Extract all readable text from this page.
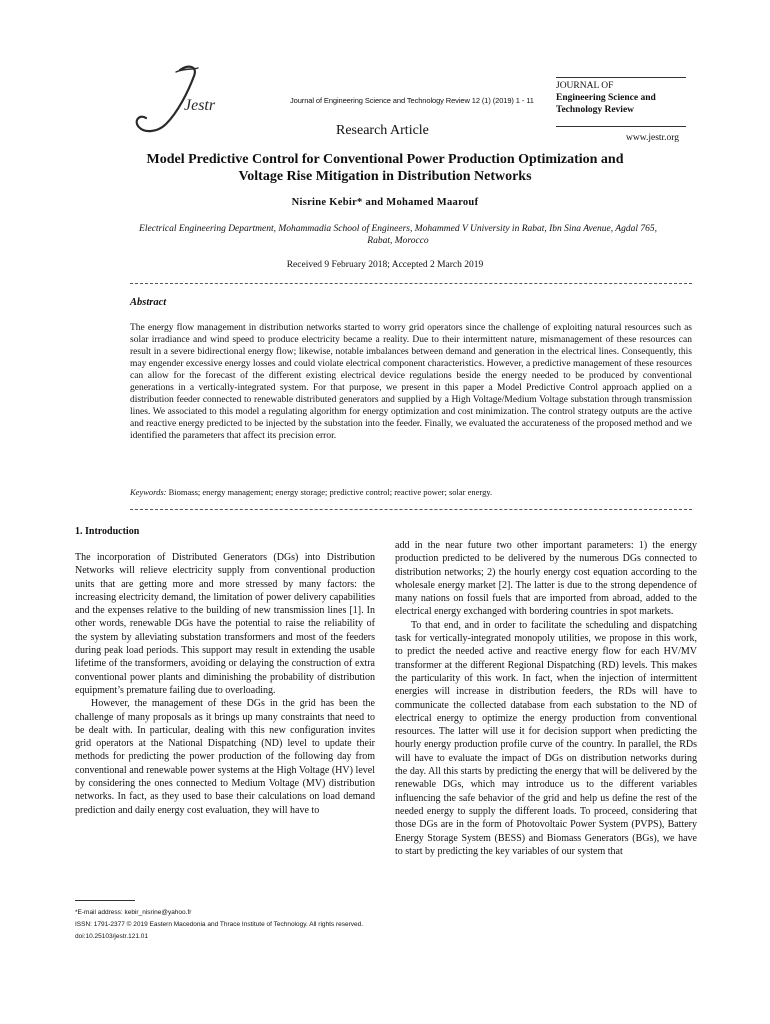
Jestr	Journal of Engineering Science and Technology Review 12 (1) (2019) 1 - 11
JOURNAL OF
Engineering Science and
Technology Review
Research Article	www.jestr.org
Model Predictive Control for Conventional Power Production Optimization and
Voltage Rise Mitigation in Distribution Networks
Nisrine Kebir* and Mohamed Maarouf
Electrical Engineering Department, Mohammadia School of Engineers, Mohammed V University in Rabat, Ibn Sina Avenue, Agdal 765,
Rabat, Morocco
Received 9 February 2018; Accepted 2 March 2019
Abstract
The energy flow management in distribution networks started to worry grid operators since the challenge of exploiting natural resources such as solar irradiance and wind speed to produce electricity became a reality. Due to their intermittent nature, mismanagement of these resources can result in a severe bidirectional energy flow; likewise, notable imbalances between demand and generation in the electrical lines. Consequently, this may engender excessive energy losses and could violate electrical component characteristics. However, a predictive management of these resources can allow for the forecast of the different existing electrical device regulations beside the energy needed to be produced by conventional generations in a vertically-integrated system. For that purpose, we present in this paper a Model Predictive Control approach applied on a distribution feeder connected to renewable distributed generators and supplied by a High Voltage/Medium Voltage substation through transmission lines. We associated to this model a regulating algorithm for energy optimization and cost minimization. The control strategy outputs are the active and reactive energy predicted to be injected by the substation into the feeder. Finally, we evaluated the accurateness of the proposed method and we identified the parameters that affect its precision error.
Keywords: Biomass; energy management; energy storage; predictive control; reactive power; solar energy.
1. Introduction

The incorporation of Distributed Generators (DGs) into Distribution Networks will relieve electricity supply from conventional production units that are getting more and more stressed by many factors: the increasing electricity demand, the limitation of power delivery capabilities and the expenses relative to the building of new transmission lines [1]. In other words, renewable DGs have the potential to raise the reliability of the system by alleviating substation transformers and most of the feeders during peak load periods. This support may result in extending the usable lifetime of the transformers, avoiding or delaying the construction of extra conventional power plants and diminishing the probability of distribution equipment’s premature failing due to overloading.

However, the management of these DGs in the grid has been the challenge of many proposals as it brings up many constraints that need to be dealt with. In particular, dealing with this new configuration invites grid operators at the National Dispatching (ND) level to update their methods for predicting the power production of the following day from conventional and renewable power systems at the High Voltage (HV) level by considering the ones connected to Medium Voltage (MV) distribution networks. In fact, as they used to base their calculations on load demand prediction and daily energy cost evaluation, they will have to

add in the near future two other important parameters: 1) the energy production predicted to be delivered by the numerous DGs connected to distribution networks; 2) the hourly energy cost equation according to the wholesale energy market [2]. The latter is due to the strong dependence of many nations on fossil fuels that are imported from abroad, added to the electrical energy exchanged with bordering countries in spot markets.

To that end, and in order to facilitate the scheduling and dispatching task for vertically-integrated monopoly utilities, we propose in this work, to predict the needed active and reactive energy flow for each HV/MV transformer at the different Regional Dispatching (RD) levels. This makes the particularity of this work. In fact, when the injection of intermittent energies will increase in distribution feeders, the RDs will have to communicate the collected database from each substation to the ND of electrical energy to optimize the energy production from conventional resources. The latter will use it for decision support when predicting the hourly energy production profile curve of the country. In parallel, the RDs will have to evaluate the impact of DGs on distribution networks during the day. All this starts by predicting the energy that will be delivered by the renewable DGs, which may introduce us to the different variables influencing the safe behavior of the grid and help us define the rest of the needed energy to supply the different loads. To proceed, considering that those DGs are in the form of Photovoltaic Power System (PVPS), Battery Energy Storage System (BESS) and Biomass Generators (BGs), we have to start by predicting the key variables of our system that

*E-mail address: kebir_nisrine@yahoo.fr
ISSN: 1791-2377 © 2019 Eastern Macedonia and Thrace Institute of Technology. All rights reserved.
doi:10.25103/jestr.121.01
